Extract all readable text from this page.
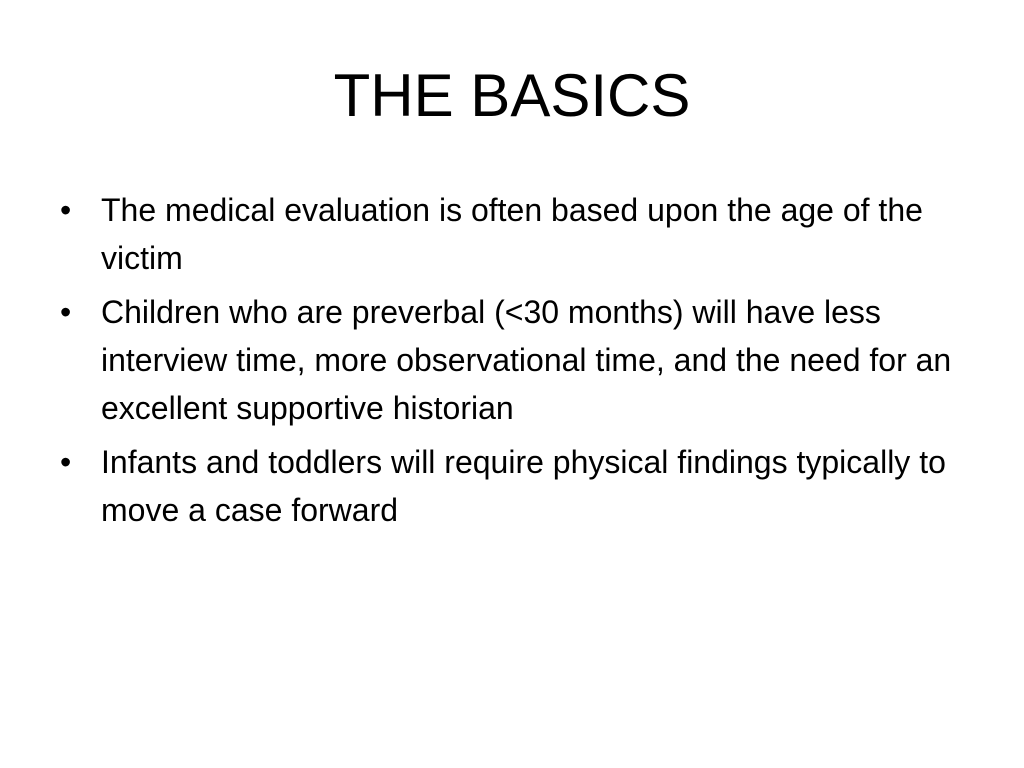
THE BASICS
• The medical evaluation is often based upon the age of the victim
• Children who are preverbal (<30 months) will have less interview time, more observational time, and the need for an excellent supportive historian
• Infants and toddlers will require physical findings typically to move a case forward
